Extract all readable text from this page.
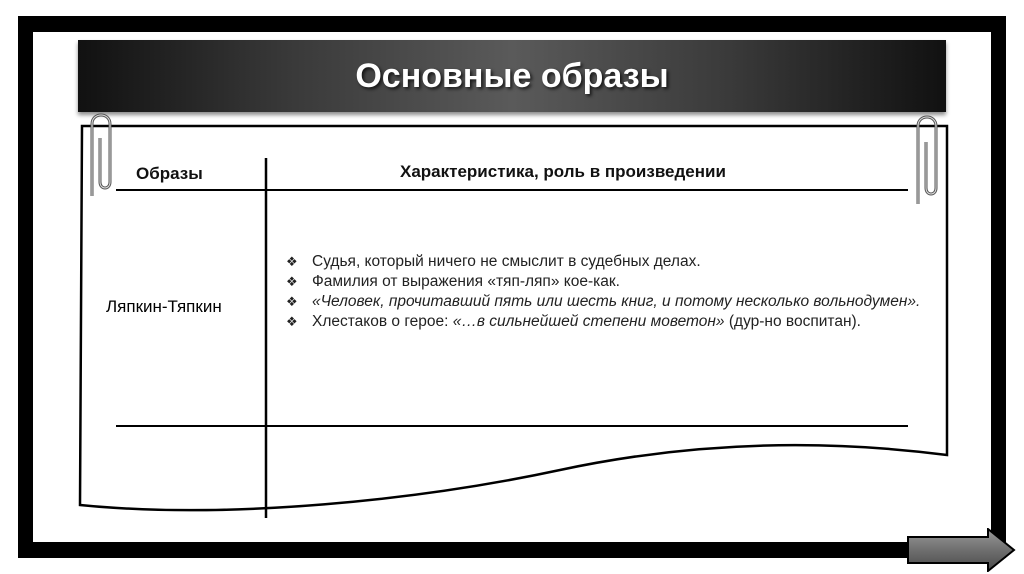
Основные образы
Образы	Характеристика, роль в произведении
Ляпкин-Тяпкин
❖ Судья, который ничего не смыслит в судебных делах.
❖ Фамилия от выражения «тяп-ляп» кое-как.
❖ «Человек, прочитавший пять или шесть книг, и потому несколько вольнодумен».
❖ Хлестаков о герое: «…в сильнейшей степени моветон» (дур-но воспитан).
